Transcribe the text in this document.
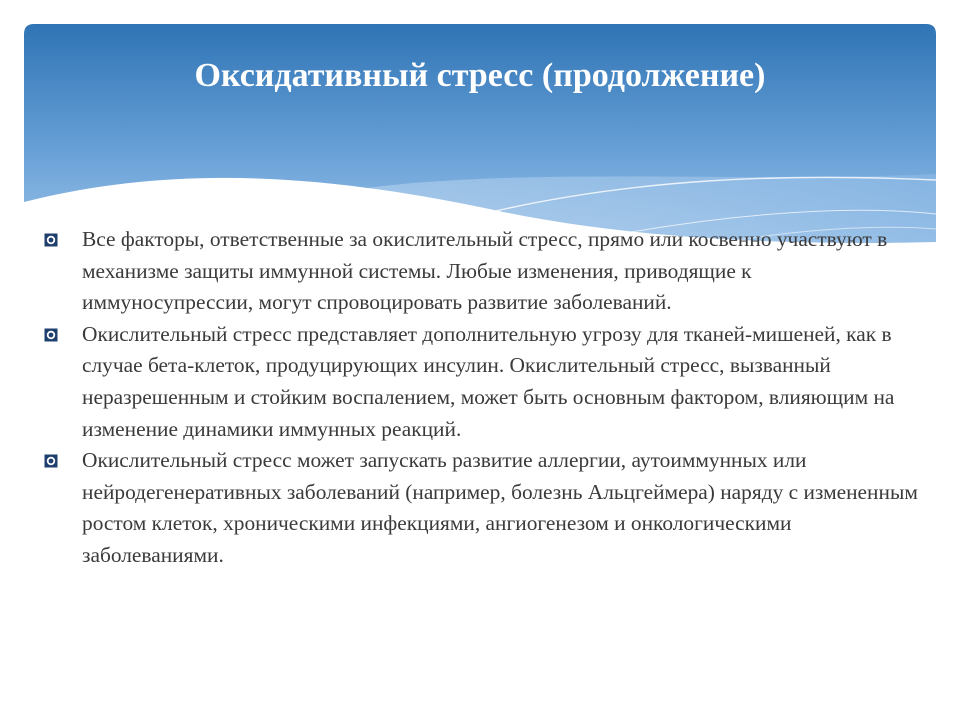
Оксидативный стресс (продолжение)
Все факторы, ответственные за окислительный стресс, прямо или косвенно участвуют в механизме защиты иммунной системы. Любые изменения, приводящие к иммуносупрессии, могут спровоцировать развитие заболеваний.
Окислительный стресс представляет дополнительную угрозу для тканей-мишеней, как в случае бета-клеток, продуцирующих инсулин. Окислительный стресс, вызванный неразрешенным и стойким воспалением, может быть основным фактором, влияющим на изменение динамики иммунных реакций.
Окислительный стресс может запускать развитие аллергии, аутоиммунных или нейродегенеративных заболеваний (например, болезнь Альцгеймера) наряду с измененным ростом клеток, хроническими инфекциями, ангиогенезом и онкологическими заболеваниями.
